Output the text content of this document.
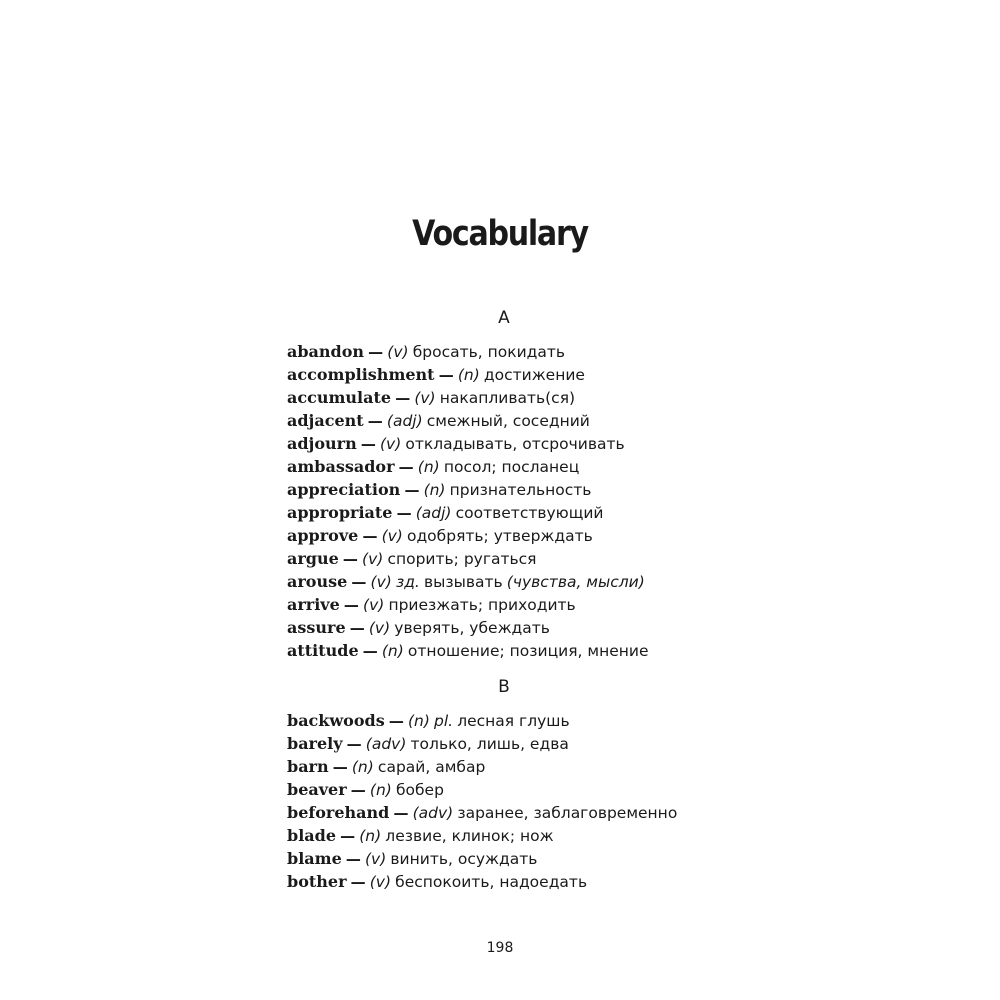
Vocabulary
A
abandon — (v) бросать, покидать
accomplishment — (n) достижение
accumulate — (v) накапливать(ся)
adjacent — (adj) смежный, соседний
adjourn — (v) откладывать, отсрочивать
ambassador — (n) посол; посланец
appreciation — (n) признательность
appropriate — (adj) соответствующий
approve — (v) одобрять; утверждать
argue — (v) спорить; ругаться
arouse — (v) зд. вызывать (чувства, мысли)
arrive — (v) приезжать; приходить
assure — (v) уверять, убеждать
attitude — (n) отношение; позиция, мнение
B
backwoods — (n) pl. лесная глушь
barely — (adv) только, лишь, едва
barn — (n) сарай, амбар
beaver — (n) бобер
beforehand — (adv) заранее, заблаговременно
blade — (n) лезвие, клинок; нож
blame — (v) винить, осуждать
bother — (v) беспокоить, надоедать
198
